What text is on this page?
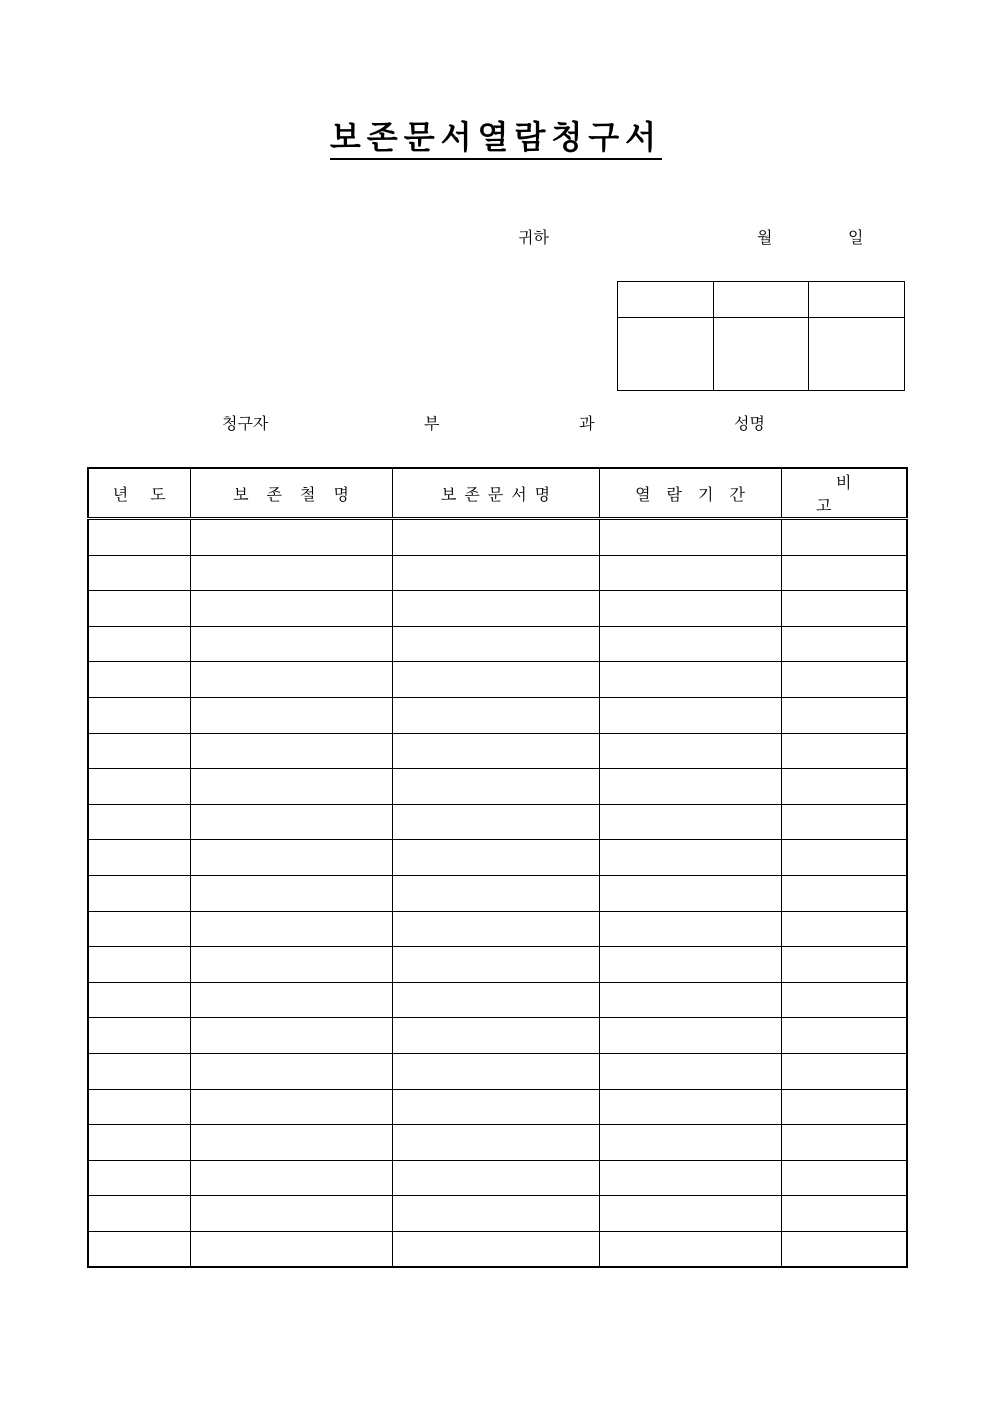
보존문서열람청구서
귀하	월	일

청구자	부	과	성명
년도	보존철명	보존문서명	열람기간	비고
